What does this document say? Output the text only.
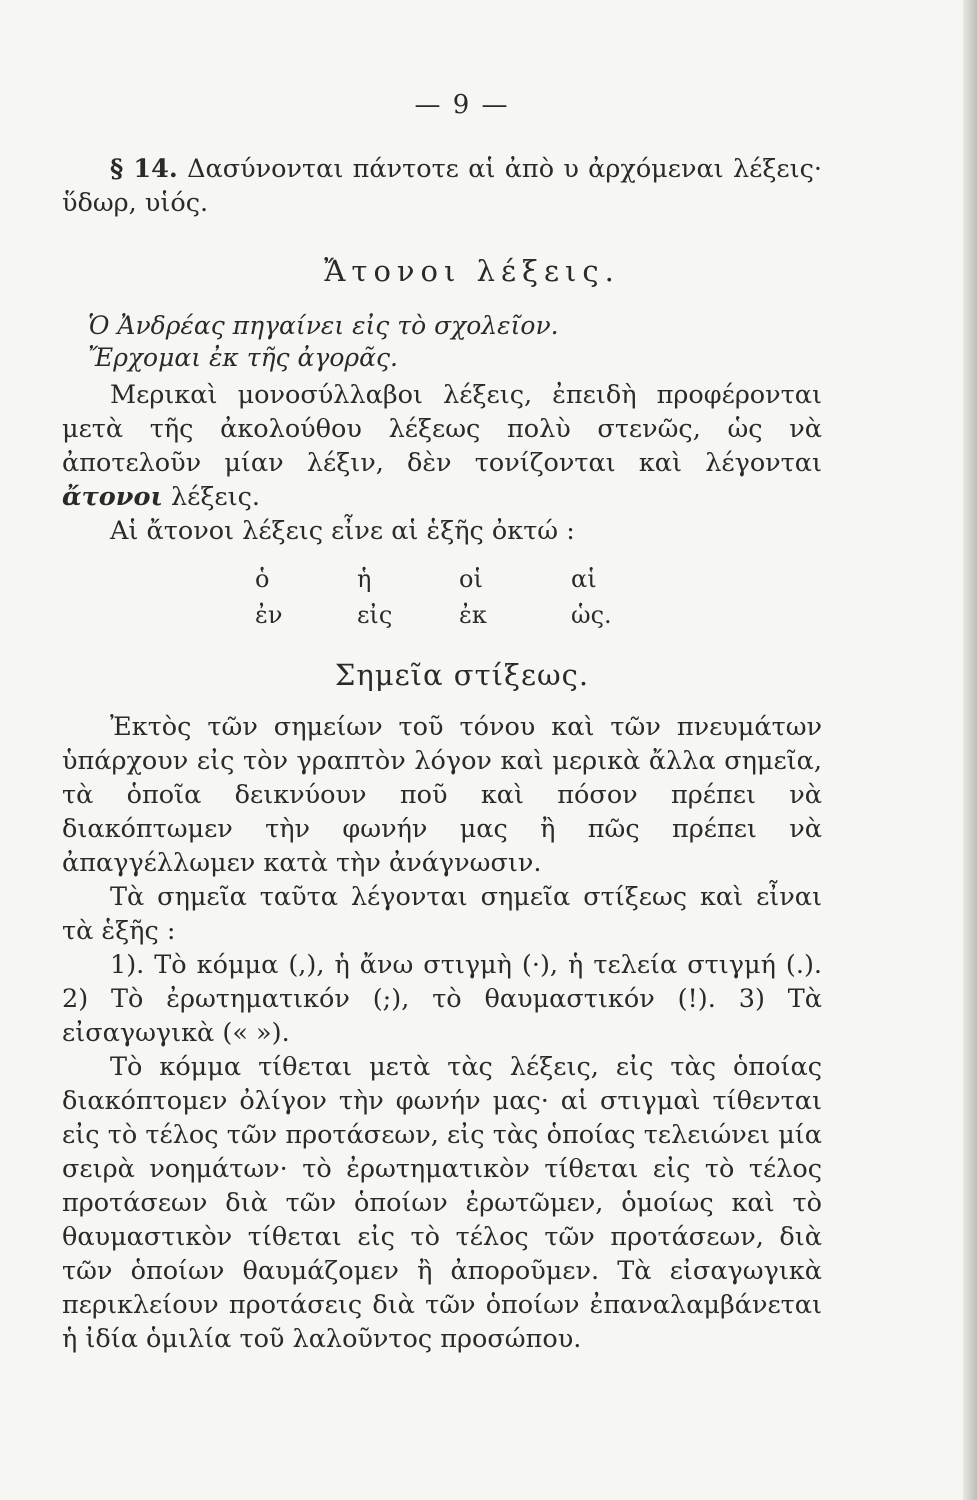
— 9 —

§ 14. Δασύνονται πάντοτε αἱ ἀπὸ υ ἀρχόμεναι λέξεις· ὕδωρ, υἱός.

Ἄτονοι λέξεις.
Ὁ Ἀνδρέας πηγαίνει εἰς τὸ σχολεῖον.
Ἔρχομαι ἐκ τῆς ἀγορᾶς.

Μερικαὶ μονοσύλλαβοι λέξεις, ἐπειδὴ προφέρονται μετὰ τῆς ἀκολούθου λέξεως πολὺ στενῶς, ὡς νὰ ἀποτελοῦν μίαν λέξιν, δὲν τονίζονται καὶ λέγονται ἄτονοι λέξεις.

Αἱ ἄτονοι λέξεις εἶνε αἱ ἑξῆς ὀκτώ :

ὁ	ἡ	οἱ	αἱ
ἐν	εἰς	ἐκ	ὡς.
Σημεῖα στίξεως.

Ἐκτὸς τῶν σημείων τοῦ τόνου καὶ τῶν πνευμάτων ὑπάρχουν εἰς τὸν γραπτὸν λόγον καὶ μερικὰ ἄλλα σημεῖα, τὰ ὁποῖα δεικνύουν ποῦ καὶ πόσον πρέπει νὰ διακόπτωμεν τὴν φωνήν μας ἢ πῶς πρέπει νὰ ἀπαγγέλλωμεν κατὰ τὴν ἀνάγνωσιν.

Τὰ σημεῖα ταῦτα λέγονται σημεῖα στίξεως καὶ εἶναι τὰ ἑξῆς :

1). Τὸ κόμμα (,), ἡ ἄνω στιγμὴ (·), ἡ τελεία στιγμή (.). 2) Τὸ ἐρωτηματικόν (;), τὸ θαυμαστικόν (!). 3) Τὰ εἰσαγωγικὰ (« »).

Τὸ κόμμα τίθεται μετὰ τὰς λέξεις, εἰς τὰς ὁποίας διακόπτομεν ὀλίγον τὴν φωνήν μας· αἱ στιγμαὶ τίθενται εἰς τὸ τέλος τῶν προτάσεων, εἰς τὰς ὁποίας τελειώνει μία σειρὰ νοημάτων· τὸ ἐρωτηματικὸν τίθεται εἰς τὸ τέλος προτάσεων διὰ τῶν ὁποίων ἐρωτῶμεν, ὁμοίως καὶ τὸ θαυμαστικὸν τίθεται εἰς τὸ τέλος τῶν προτάσεων, διὰ τῶν ὁποίων θαυμάζομεν ἢ ἀποροῦμεν. Τὰ εἰσαγωγικὰ περικλείουν προτάσεις διὰ τῶν ὁποίων ἐπαναλαμβάνεται ἡ ἰδία ὁμιλία τοῦ λαλοῦντος προσώπου.
